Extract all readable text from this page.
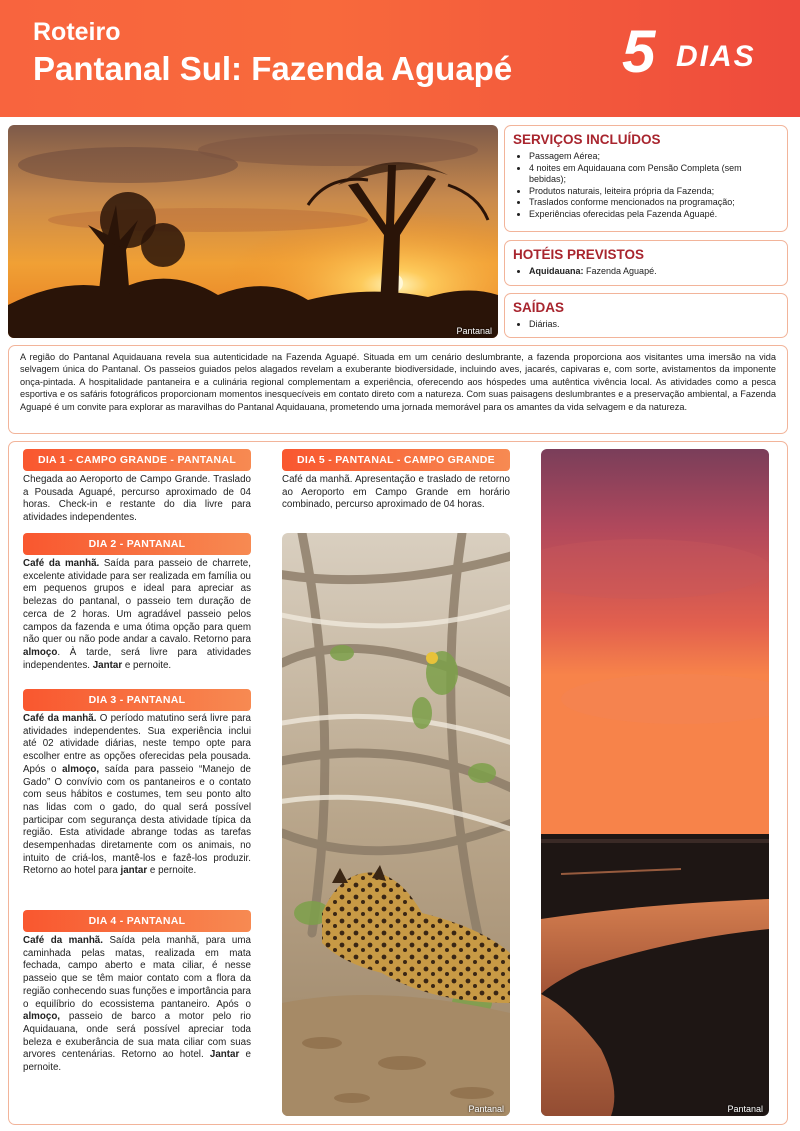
Roteiro
Pantanal Sul: Fazenda Aguapé 5 DIAS
Pantanal
SERVIÇOS INCLUÍDOS
• Passagem Aérea;
• 4 noites em Aquidauana com Pensão Completa (sem bebidas);
• Produtos naturais, leiteira própria da Fazenda;
• Traslados conforme mencionados na programação;
• Experiências oferecidas pela Fazenda Aguapé.
HOTÉIS PREVISTOS
• Aquidauana: Fazenda Aguapé.
SAÍDAS
• Diárias.
A região do Pantanal Aquidauana revela sua autenticidade na Fazenda Aguapé. Situada em um cenário deslumbrante, a fazenda proporciona aos visitantes uma imersão na vida selvagem única do Pantanal. Os passeios guiados pelos alagados revelam a exuberante biodiversidade, incluindo aves, jacarés, capivaras e, com sorte, avistamentos da imponente onça-pintada. A hospitalidade pantaneira e a culinária regional complementam a experiência, oferecendo aos hóspedes uma autêntica vivência local. As atividades como a pesca esportiva e os safáris fotográficos proporcionam momentos inesquecíveis em contato direto com a natureza. Com suas paisagens deslumbrantes e a preservação ambiental, a Fazenda Aguapé é um convite para explorar as maravilhas do Pantanal Aquidauana, prometendo uma jornada memorável para os amantes da vida selvagem e da natureza.
DIA 1 - CAMPO GRANDE - PANTANAL
Chegada ao Aeroporto de Campo Grande. Traslado a Pousada Aguapé, percurso aproximado de 04 horas. Check-in e restante do dia livre para atividades independentes.
DIA 2 - PANTANAL
Café da manhã. Saída para passeio de charrete, excelente atividade para ser realizada em família ou em pequenos grupos e ideal para apreciar as belezas do pantanal, o passeio tem duração de cerca de 2 horas. Um agradável passeio pelos campos da fazenda e uma ótima opção para quem não quer ou não pode andar a cavalo. Retorno para almoço. À tarde, será livre para atividades independentes. Jantar e pernoite.
DIA 3 - PANTANAL
Café da manhã. O período matutino será livre para atividades independentes. Sua experiência inclui até 02 atividade diárias, neste tempo opte para escolher entre as opções oferecidas pela pousada. Após o almoço, saída para passeio “Manejo de Gado” O convívio com os pantaneiros e o contato com seus hábitos e costumes, tem seu ponto alto nas lidas com o gado, do qual será possível participar com segurança desta atividade típica da região. Esta atividade abrange todas as tarefas desempenhadas diretamente com os animais, no intuito de criá-los, mantê-los e fazê-los produzir. Retorno ao hotel para jantar e pernoite.
DIA 4 - PANTANAL
Café da manhã. Saída pela manhã, para uma caminhada pelas matas, realizada em mata fechada, campo aberto e mata ciliar, é nesse passeio que se têm maior contato com a flora da região conhecendo suas funções e importância para o equilíbrio do ecossistema pantaneiro. Após o almoço, passeio de barco a motor pelo rio Aquidauana, onde será possível apreciar toda beleza e exuberância de sua mata ciliar com suas arvores centenárias. Retorno ao hotel. Jantar e pernoite.
DIA 5 - PANTANAL - CAMPO GRANDE
Café da manhã. Apresentação e traslado de retorno ao Aeroporto em Campo Grande em horário combinado, percurso aproximado de 04 horas.
Pantanal	Pantanal
